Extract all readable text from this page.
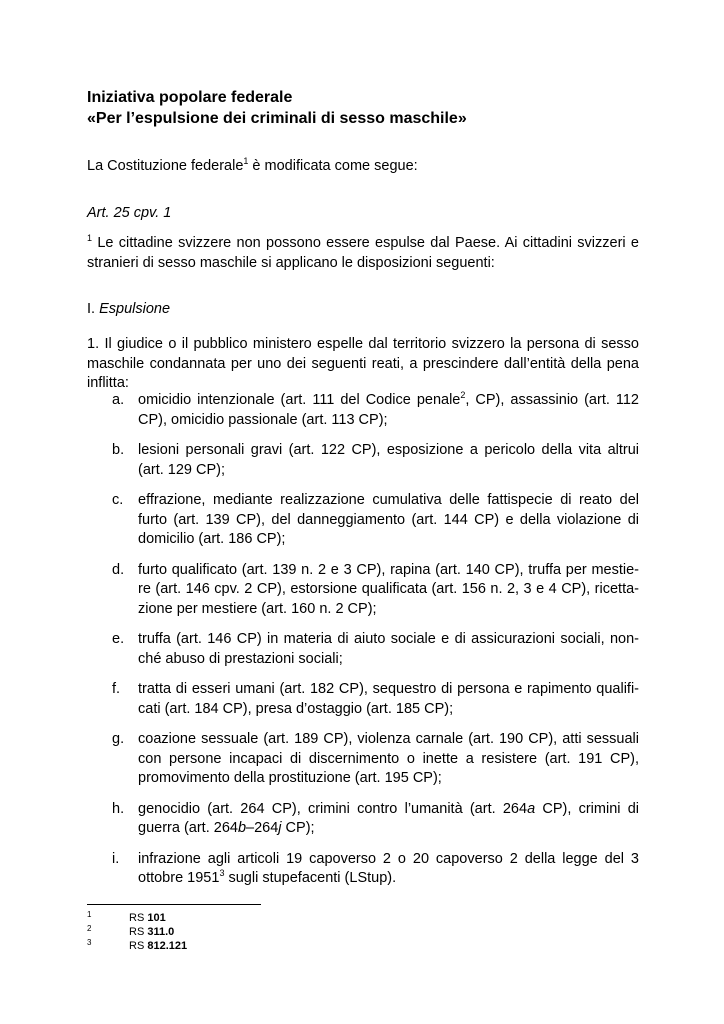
Iniziativa popolare federale
«Per l’espulsione dei criminali di sesso maschile»
La Costituzione federale$^1$ è modificata come segue:
Art. 25 cpv. 1
$^1$ Le cittadine svizzere non possono essere espulse dal Paese. Ai cittadini svizzeri e stranieri di sesso maschile si applicano le disposizioni seguenti:
I. Espulsione
1. Il giudice o il pubblico ministero espelle dal territorio svizzero la persona di sesso maschile condannata per uno dei seguenti reati, a prescindere dall’entità della pena inflitta:
a. omicidio intenzionale (art. 111 del Codice penale$^2$, CP), assassinio (art. 112 CP), omicidio passionale (art. 113 CP);
b. lesioni personali gravi (art. 122 CP), esposizione a pericolo della vita altrui (art. 129 CP);
c. effrazione, mediante realizzazione cumulativa delle fattispecie di reato del furto (art. 139 CP), del danneggiamento (art. 144 CP) e della violazione di domicilio (art. 186 CP);
d. furto qualificato (art. 139 n. 2 e 3 CP), rapina (art. 140 CP), truffa per mestie-re (art. 146 cpv. 2 CP), estorsione qualificata (art. 156 n. 2, 3 e 4 CP), ricetta-zione per mestiere (art. 160 n. 2 CP);
e. truffa (art. 146 CP) in materia di aiuto sociale e di assicurazioni sociali, non-ché abuso di prestazioni sociali;
f. tratta di esseri umani (art. 182 CP), sequestro di persona e rapimento qualifi-cati (art. 184 CP), presa d’ostaggio (art. 185 CP);
g. coazione sessuale (art. 189 CP), violenza carnale (art. 190 CP), atti sessuali con persone incapaci di discernimento o inette a resistere (art. 191 CP), promovimento della prostituzione (art. 195 CP);
h. genocidio (art. 264 CP), crimini contro l’umanità (art. 264a CP), crimini di guerra (art. 264b–264j CP);
i. infrazione agli articoli 19 capoverso 2 o 20 capoverso 2 della legge del 3 ottobre 1951$^3$ sugli stupefacenti (LStup).
1	RS 101
2	RS 311.0
3	RS 812.121
